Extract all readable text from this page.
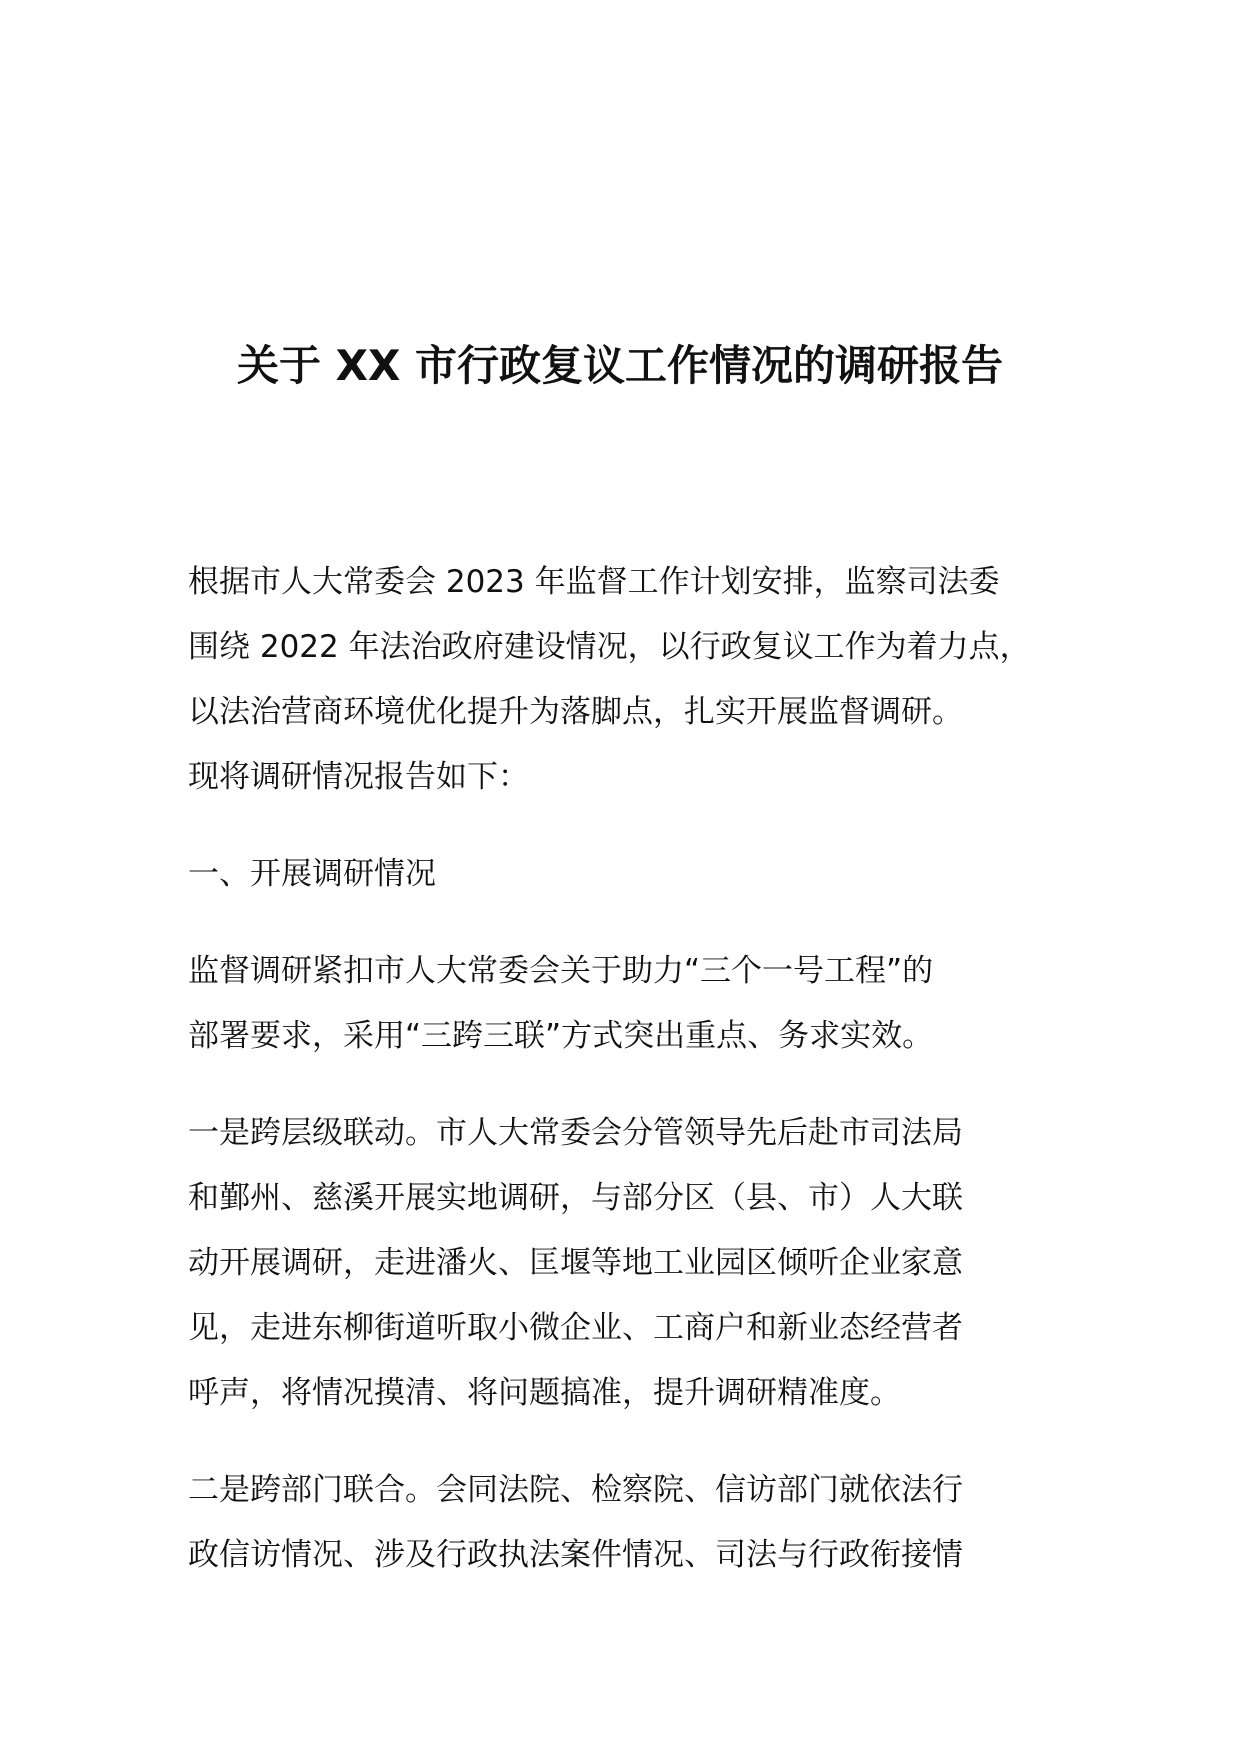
关于 XX 市行政复议工作情况的调研报告
根据市人大常委会 2023 年监督工作计划安排，监察司法委
围绕 2022 年法治政府建设情况，以行政复议工作为着力点，
以法治营商环境优化提升为落脚点，扎实开展监督调研。
现将调研情况报告如下：
一、开展调研情况
监督调研紧扣市人大常委会关于助力“三个一号工程”的
部署要求，采用“三跨三联”方式突出重点、务求实效。
一是跨层级联动。市人大常委会分管领导先后赴市司法局
和鄞州、慈溪开展实地调研，与部分区（县、市）人大联
动开展调研，走进潘火、匡堰等地工业园区倾听企业家意
见，走进东柳街道听取小微企业、工商户和新业态经营者
呼声，将情况摸清、将问题搞准，提升调研精准度。
二是跨部门联合。会同法院、检察院、信访部门就依法行
政信访情况、涉及行政执法案件情况、司法与行政衔接情
